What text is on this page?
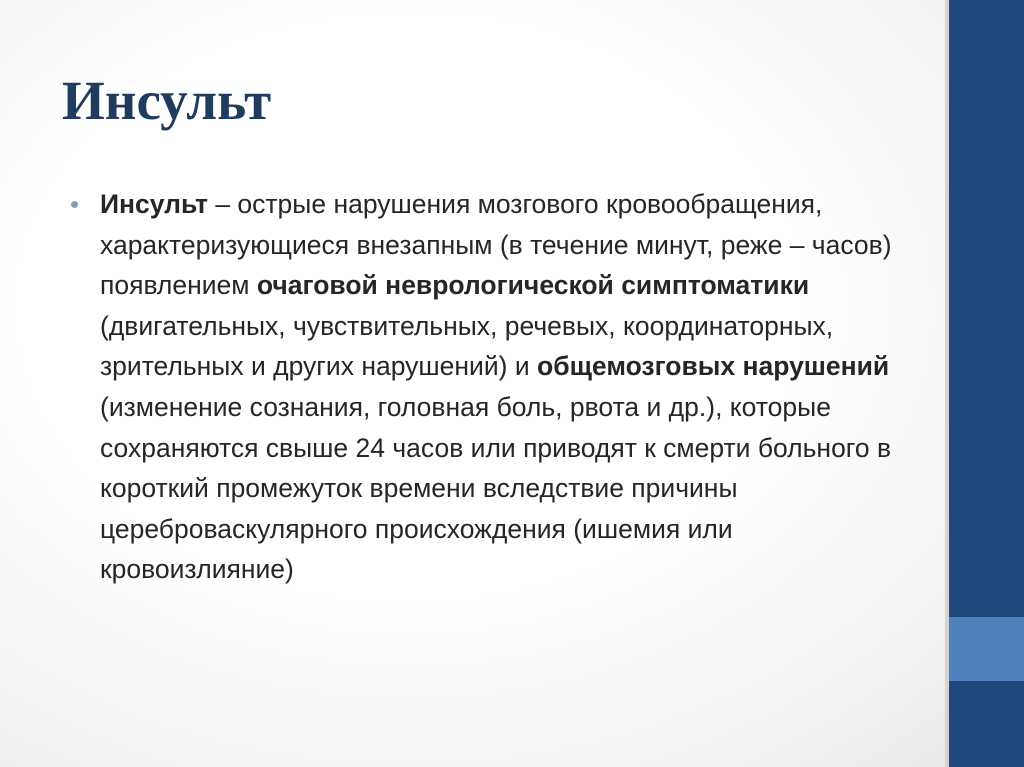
Инсульт
• Инсульт – острые нарушения мозгового кровообращения, характеризующиеся внезапным (в течение минут, реже – часов) появлением очаговой неврологической симптоматики (двигательных, чувствительных, речевых, координаторных, зрительных и других нарушений) и общемозговых нарушений (изменение сознания, головная боль, рвота и др.), которые сохраняются свыше 24 часов или приводят к смерти больного в короткий промежуток времени вследствие причины цереброваскулярного происхождения (ишемия или кровоизлияние)
